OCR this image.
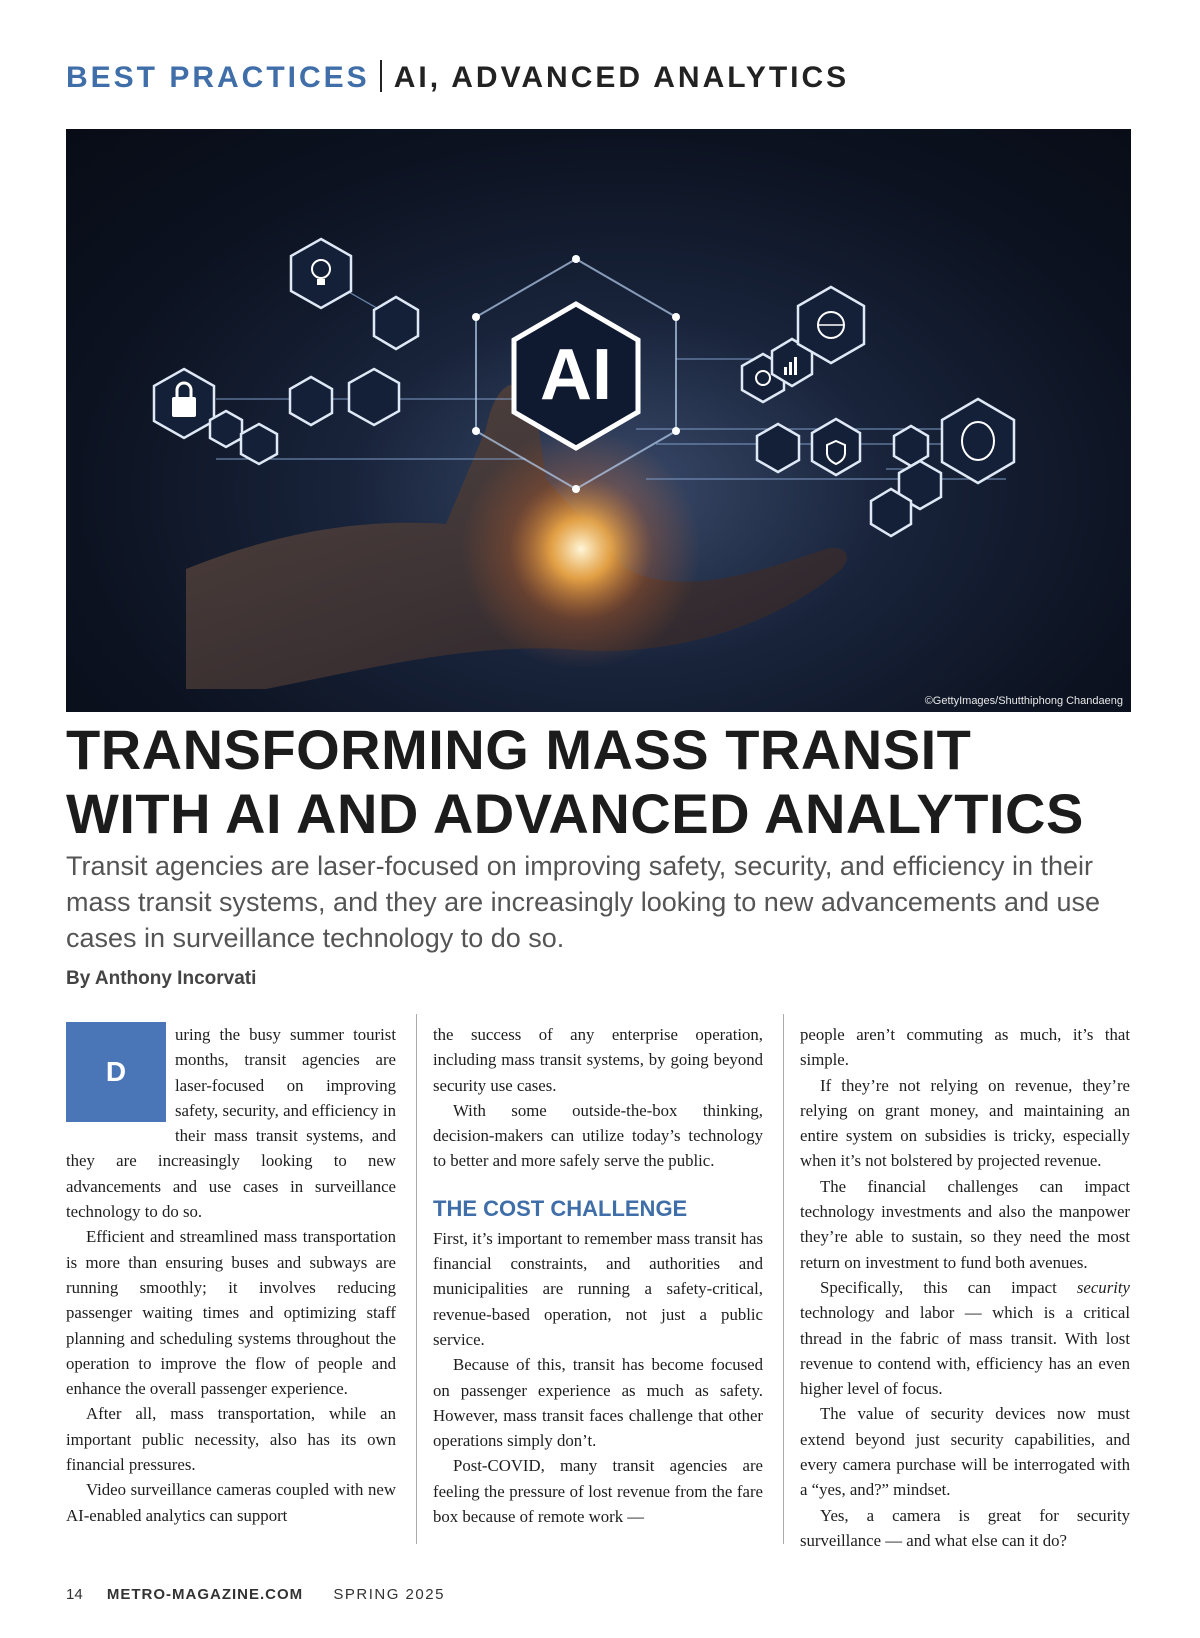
BEST PRACTICES AI, ADVANCED ANALYTICS
AI
©GettyImages/Shutthiphong Chandaeng
TRANSFORMING MASS TRANSIT
WITH AI AND ADVANCED ANALYTICS

Transit agencies are laser-focused on improving safety, security, and efficiency in their mass transit systems, and they are increasingly looking to new advancements and use cases in surveillance technology to do so.

By Anthony Incorvati

D
uring the busy summer tourist months, transit agencies are laser-focused on improving safety, security, and efficiency in their mass transit systems, and they are increasingly looking to new advancements and use cases in surveillance technology to do so.

Efficient and streamlined mass transportation is more than ensuring buses and subways are running smoothly; it involves reducing passenger waiting times and optimizing staff planning and scheduling systems throughout the operation to improve the flow of people and enhance the overall passenger experience.

After all, mass transportation, while an important public necessity, also has its own financial pressures.

Video surveillance cameras coupled with new AI-enabled analytics can support

the success of any enterprise operation, including mass transit systems, by going beyond security use cases.

With some outside-the-box thinking, decision-makers can utilize today’s technology to better and more safely serve the public.

THE COST CHALLENGE

First, it’s important to remember mass transit has financial constraints, and authorities and municipalities are running a safety-critical, revenue-based operation, not just a public service.

Because of this, transit has become focused on passenger experience as much as safety. However, mass transit faces challenge that other operations simply don’t.

Post-COVID, many transit agencies are feeling the pressure of lost revenue from the fare box because of remote work —

people aren’t commuting as much, it’s that simple.

If they’re not relying on revenue, they’re relying on grant money, and maintaining an entire system on subsidies is tricky, especially when it’s not bolstered by projected revenue.

The financial challenges can impact technology investments and also the manpower they’re able to sustain, so they need the most return on investment to fund both avenues.

Specifically, this can impact security technology and labor — which is a critical thread in the fabric of mass transit. With lost revenue to contend with, efficiency has an even higher level of focus.

The value of security devices now must extend beyond just security capabilities, and every camera purchase will be interrogated with a “yes, and?” mindset.

Yes, a camera is great for security surveillance — and what else can it do?

14 METRO-MAGAZINE.COM SPRING 2025
